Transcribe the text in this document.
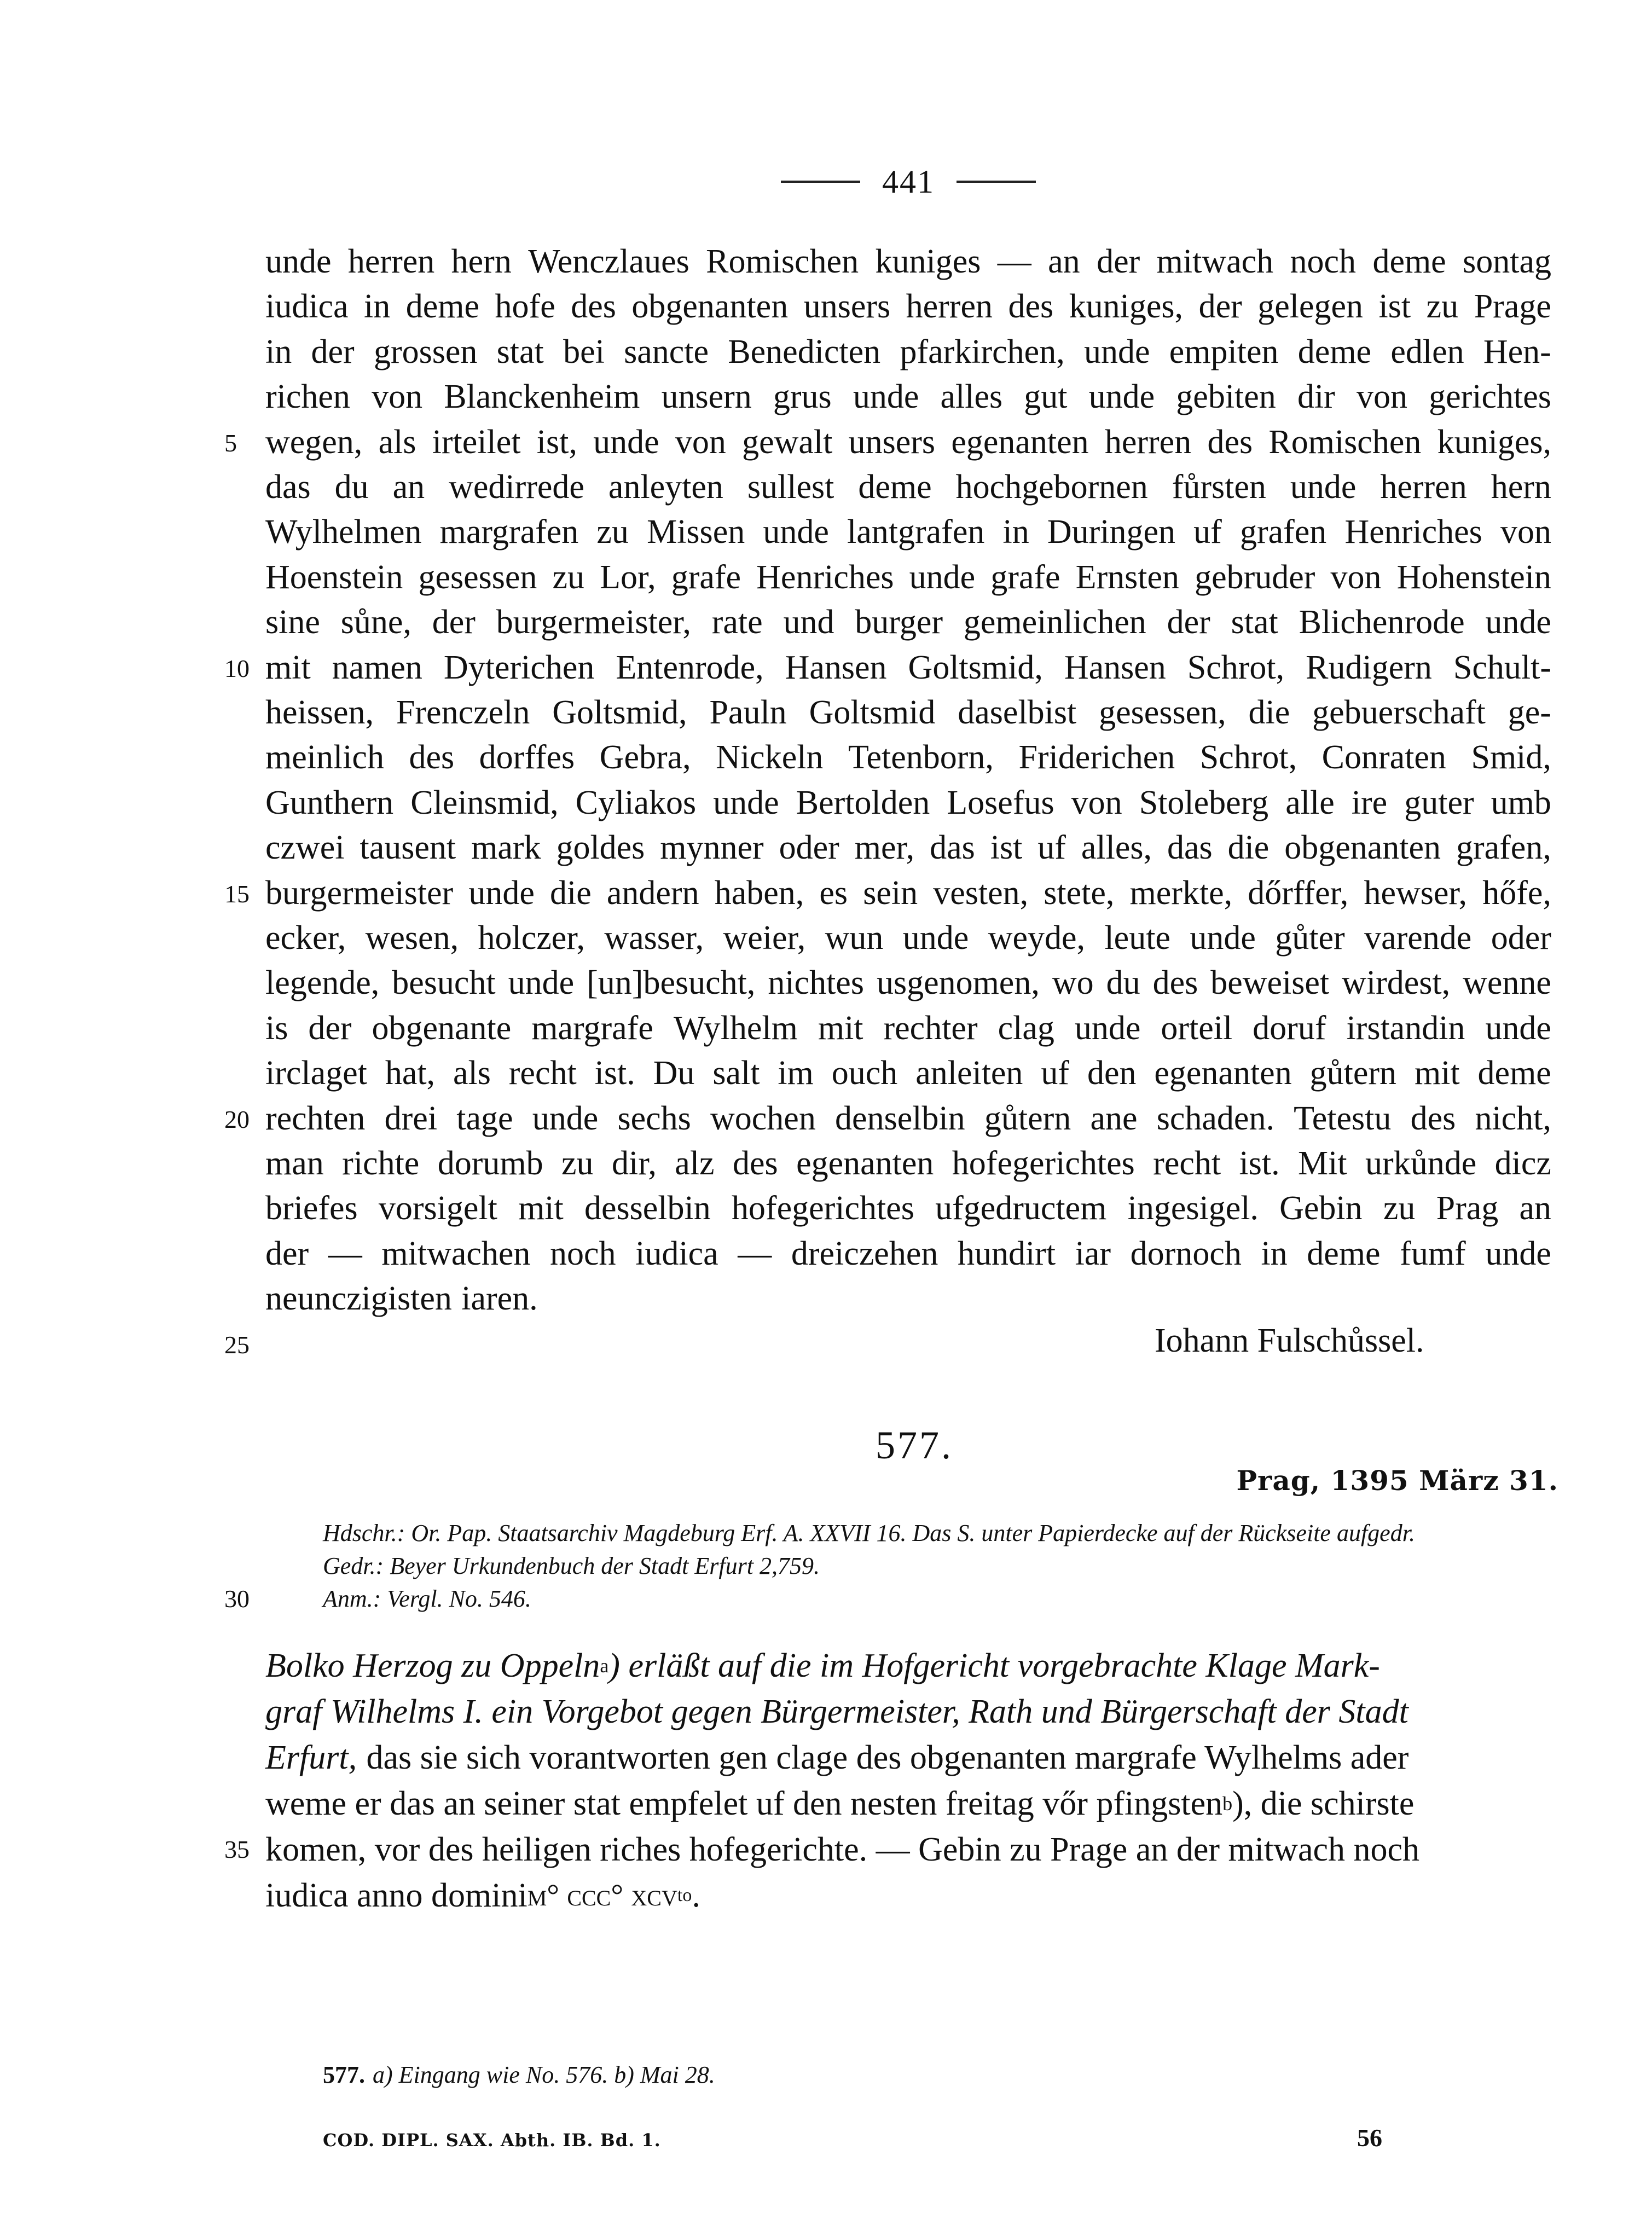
441
unde herren hern Wenczlaues Romischen kuniges — an der mitwach noch deme sontag
iudica in deme hofe des obgenanten unsers herren des kuniges, der gelegen ist zu Prage
in der grossen stat bei sancte Benedicten pfarkirchen, unde empiten deme edlen Hen-
richen von Blanckenheim unsern grus unde alles gut unde gebiten dir von gerichtes
wegen, als irteilet ist, unde von gewalt unsers egenanten herren des Romischen kuniges,
das du an wedirrede anleyten sullest deme hochgebornen fůrsten unde herren hern
Wylhelmen margrafen zu Missen unde lantgrafen in Duringen uf grafen Henriches von
Hoenstein gesessen zu Lor, grafe Henriches unde grafe Ernsten gebruder von Hohenstein
sine sůne, der burgermeister, rate und burger gemeinlichen der stat Blichenrode unde
mit namen Dyterichen Entenrode, Hansen Goltsmid, Hansen Schrot, Rudigern Schult-
heissen, Frenczeln Goltsmid, Pauln Goltsmid daselbist gesessen, die gebuerschaft ge-
meinlich des dorffes Gebra, Nickeln Tetenborn, Friderichen Schrot, Conraten Smid,
Gunthern Cleinsmid, Cyliakos unde Bertolden Losefus von Stoleberg alle ire guter umb
czwei tausent mark goldes mynner oder mer, das ist uf alles, das die obgenanten grafen,
burgermeister unde die andern haben, es sein vesten, stete, merkte, dőrffer, hewser, hőfe,
ecker, wesen, holczer, wasser, weier, wun unde weyde, leute unde gůter varende oder
legende, besucht unde [un]besucht, nichtes usgenomen, wo du des beweiset wirdest, wenne
is der obgenante margrafe Wylhelm mit rechter clag unde orteil doruf irstandin unde
irclaget hat, als recht ist. Du salt im ouch anleiten uf den egenanten gůtern mit deme
rechten drei tage unde sechs wochen denselbin gůtern ane schaden. Tetestu des nicht,
man richte dorumb zu dir, alz des egenanten hofegerichtes recht ist. Mit urkůnde dicz
briefes vorsigelt mit desselbin hofegerichtes ufgedructem ingesigel. Gebin zu Prag an
der — mitwachen noch iudica — dreiczehen hundirt iar dornoch in deme fumf unde
neunczigisten iaren.
5
10
15
20
25	Iohann Fulschůssel.
577.
Prag, 1395 März 31.
Hdschr.: Or. Pap. Staatsarchiv Magdeburg Erf. A. XXVII 16. Das S. unter Papierdecke auf der Rückseite aufgedr.
Gedr.: Beyer Urkundenbuch der Stadt Erfurt 2,759.
Anm.: Vergl. No. 546.
30
Bolko Herzog zu Oppeln a ) erläßt auf die im Hofgericht vorgebrachte Klage Mark-
graf Wilhelms I. ein Vorgebot gegen Bürgermeister, Rath und Bürgerschaft der Stadt
Erfurt, das sie sich vorantworten gen clage des obgenanten margrafe Wylhelms ader
weme er das an seiner stat empfelet uf den nesten freitag vőr pfingsten b ), die schirste
komen, vor des heiligen riches hofegerichte. — Gebin zu Prage an der mitwach noch
35
iudica anno domini m° ccc° xcv to .
577. a) Eingang wie No. 576. b) Mai 28.
COD. DIPL. SAX. Abth. IB. Bd. 1.	56
